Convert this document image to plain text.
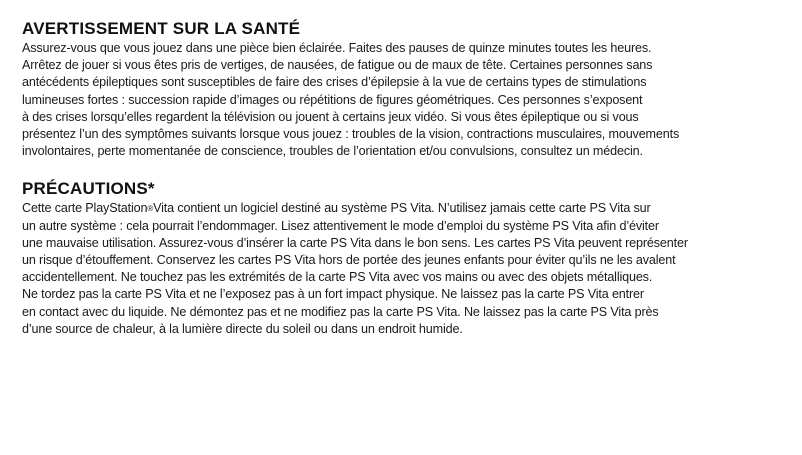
AVERTISSEMENT SUR LA SANTÉ

Assurez-vous que vous jouez dans une pièce bien éclairée. Faites des pauses de quinze minutes toutes les heures.
Arrêtez de jouer si vous êtes pris de vertiges, de nausées, de fatigue ou de maux de tête. Certaines personnes sans
antécédents épileptiques sont susceptibles de faire des crises d’épilepsie à la vue de certains types de stimulations
lumineuses fortes : succession rapide d’images ou répétitions de figures géométriques. Ces personnes s’exposent
à des crises lorsqu’elles regardent la télévision ou jouent à certains jeux vidéo. Si vous êtes épileptique ou si vous
présentez l’un des symptômes suivants lorsque vous jouez : troubles de la vision, contractions musculaires, mouvements
involontaires, perte momentanée de conscience, troubles de l’orientation et/ou convulsions, consultez un médecin.

PRÉCAUTIONS*

Cette carte PlayStation®Vita contient un logiciel destiné au système PS Vita. N’utilisez jamais cette carte PS Vita sur
un autre système : cela pourrait l’endommager. Lisez attentivement le mode d’emploi du système PS Vita afin d’éviter
une mauvaise utilisation. Assurez-vous d’insérer la carte PS Vita dans le bon sens. Les cartes PS Vita peuvent représenter
un risque d’étouffement. Conservez les cartes PS Vita hors de portée des jeunes enfants pour éviter qu’ils ne les avalent
accidentellement. Ne touchez pas les extrémités de la carte PS Vita avec vos mains ou avec des objets métalliques.
Ne tordez pas la carte PS Vita et ne l’exposez pas à un fort impact physique. Ne laissez pas la carte PS Vita entrer
en contact avec du liquide. Ne démontez pas et ne modifiez pas la carte PS Vita. Ne laissez pas la carte PS Vita près
d’une source de chaleur, à la lumière directe du soleil ou dans un endroit humide.
